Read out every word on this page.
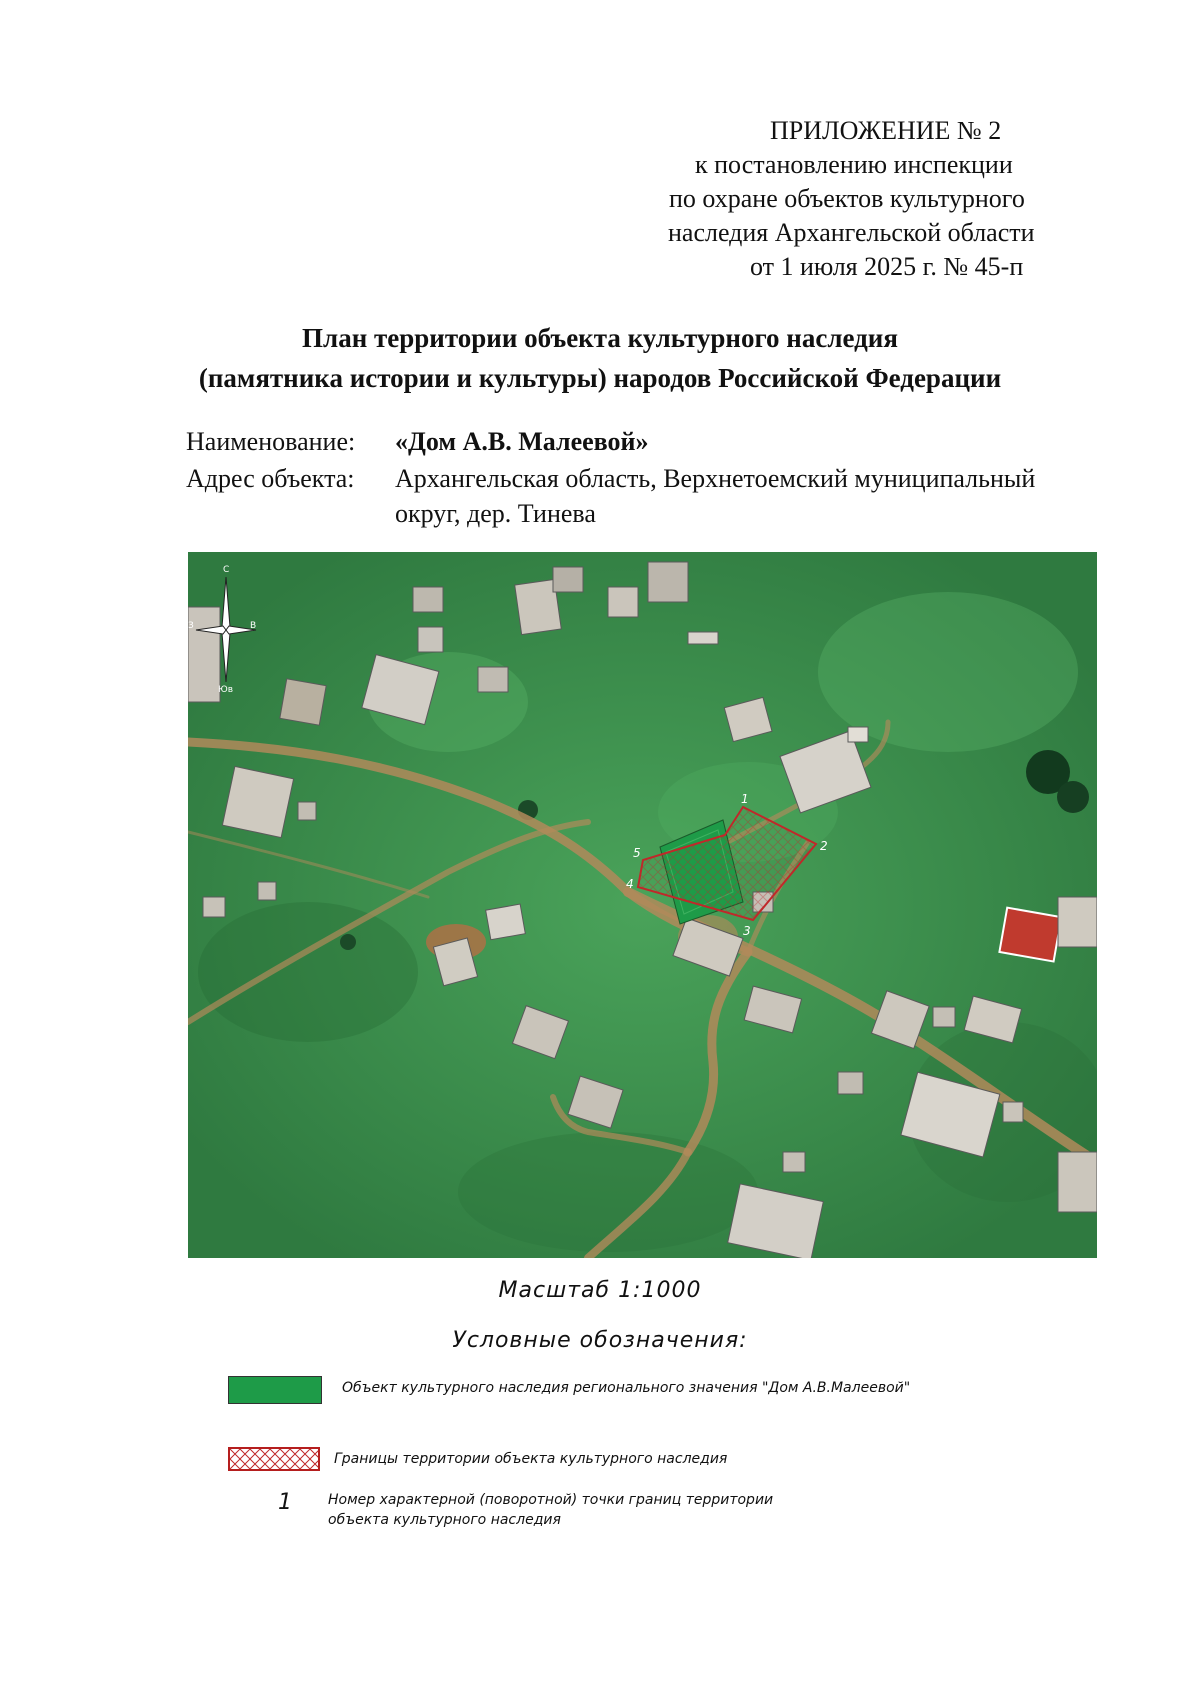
ПРИЛОЖЕНИЕ № 2
к постановлению инспекции
по охране объектов культурного
наследия Архангельской области
от 1 июля 2025 г. № 45-п
План территории объекта культурного наследия
(памятника истории и культуры) народов Российской Федерации
Наименование: «Дом А.В. Малеевой»
Адрес объекта: Архангельская область, Верхнетоемский муниципальный
округ, дер. Тинева
С
З	В
Юв
1
2
3
4
5
Масштаб 1:1000
Условные обозначения:
Объект культурного наследия регионального значения "Дом А.В.Малеевой"
Границы территории объекта культурного наследия
1	Номер характерной (поворотной) точки границ территории
объекта культурного наследия
